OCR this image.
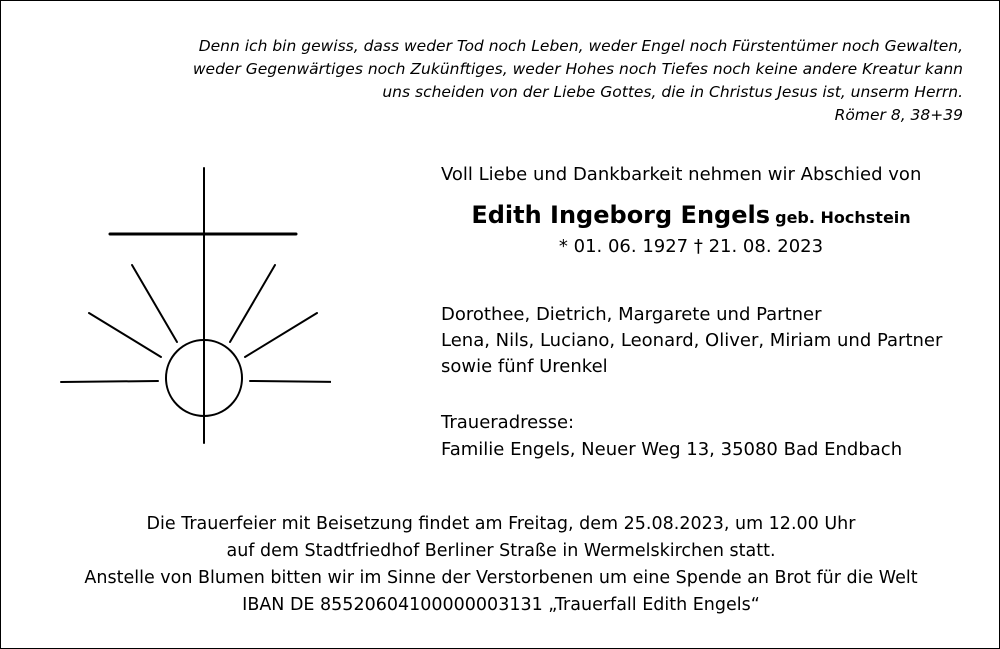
Denn ich bin gewiss, dass weder Tod noch Leben, weder Engel noch Fürstentümer noch Gewalten,
weder Gegenwärtiges noch Zukünftiges, weder Hohes noch Tiefes noch keine andere Kreatur kann
uns scheiden von der Liebe Gottes, die in Christus Jesus ist, unserm Herrn.
Römer 8, 38+39
Voll Liebe und Dankbarkeit nehmen wir Abschied von
Edith Ingeborg Engels geb. Hochstein
* 01. 06. 1927 † 21. 08. 2023
Dorothee, Dietrich, Margarete und Partner
Lena, Nils, Luciano, Leonard, Oliver, Miriam und Partner
sowie fünf Urenkel
Traueradresse:
Familie Engels, Neuer Weg 13, 35080 Bad Endbach
Die Trauerfeier mit Beisetzung findet am Freitag, dem 25.08.2023, um 12.00 Uhr
auf dem Stadtfriedhof Berliner Straße in Wermelskirchen statt.
Anstelle von Blumen bitten wir im Sinne der Verstorbenen um eine Spende an Brot für die Welt
IBAN DE 85520604100000003131 „Trauerfall Edith Engels“
